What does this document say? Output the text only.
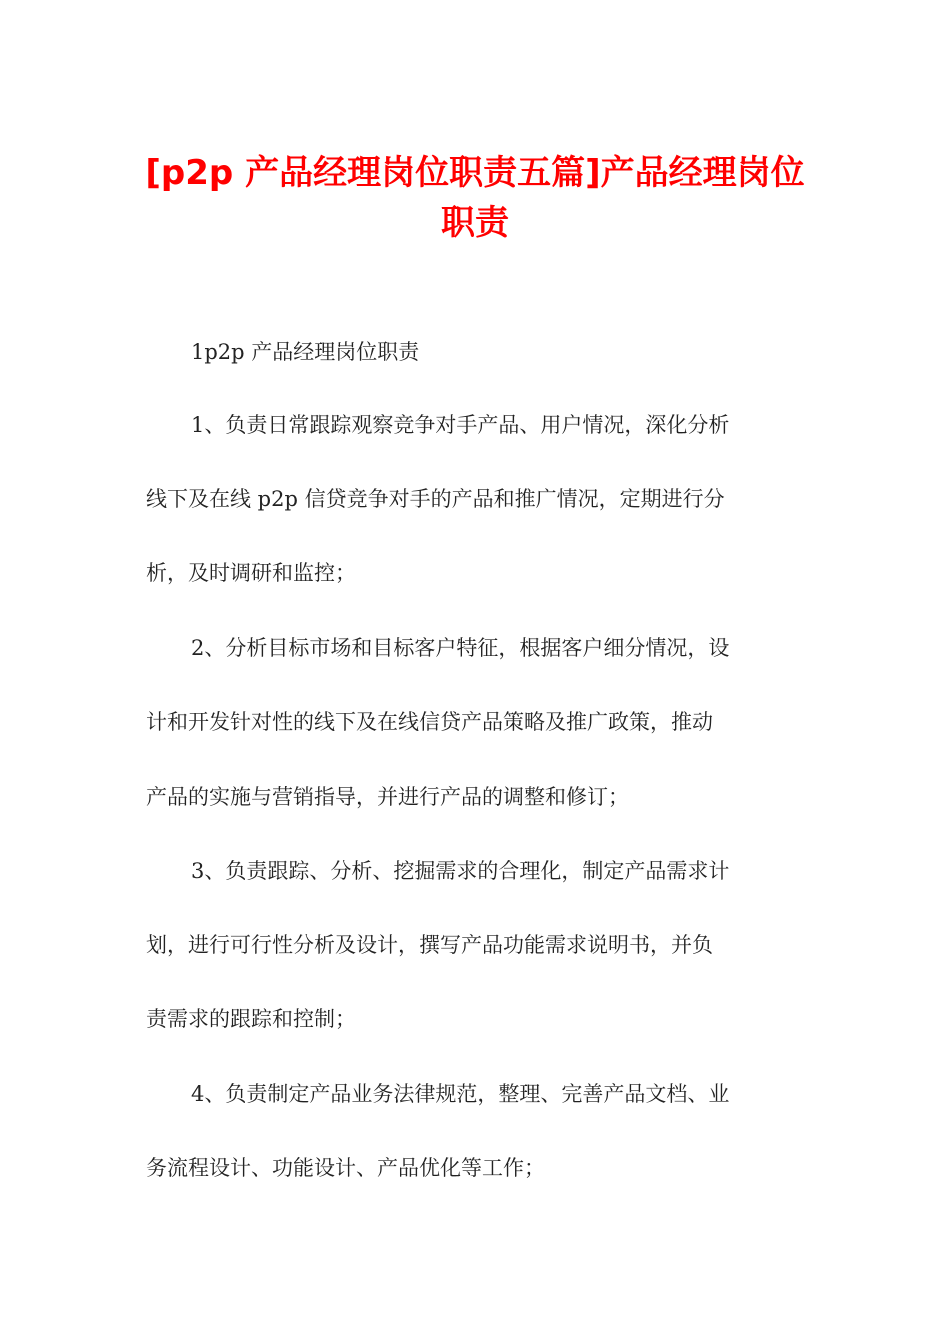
[p2p 产品经理岗位职责五篇]产品经理岗位
职责

1p2p 产品经理岗位职责

1、负责日常跟踪观察竞争对手产品、用户情况，深化分析

线下及在线 p2p 信贷竞争对手的产品和推广情况，定期进行分

析，及时调研和监控；

2、分析目标市场和目标客户特征，根据客户细分情况，设

计和开发针对性的线下及在线信贷产品策略及推广政策，推动

产品的实施与营销指导，并进行产品的调整和修订；

3、负责跟踪、分析、挖掘需求的合理化，制定产品需求计

划，进行可行性分析及设计，撰写产品功能需求说明书，并负

责需求的跟踪和控制；

4、负责制定产品业务法律规范，整理、完善产品文档、业

务流程设计、功能设计、产品优化等工作；
